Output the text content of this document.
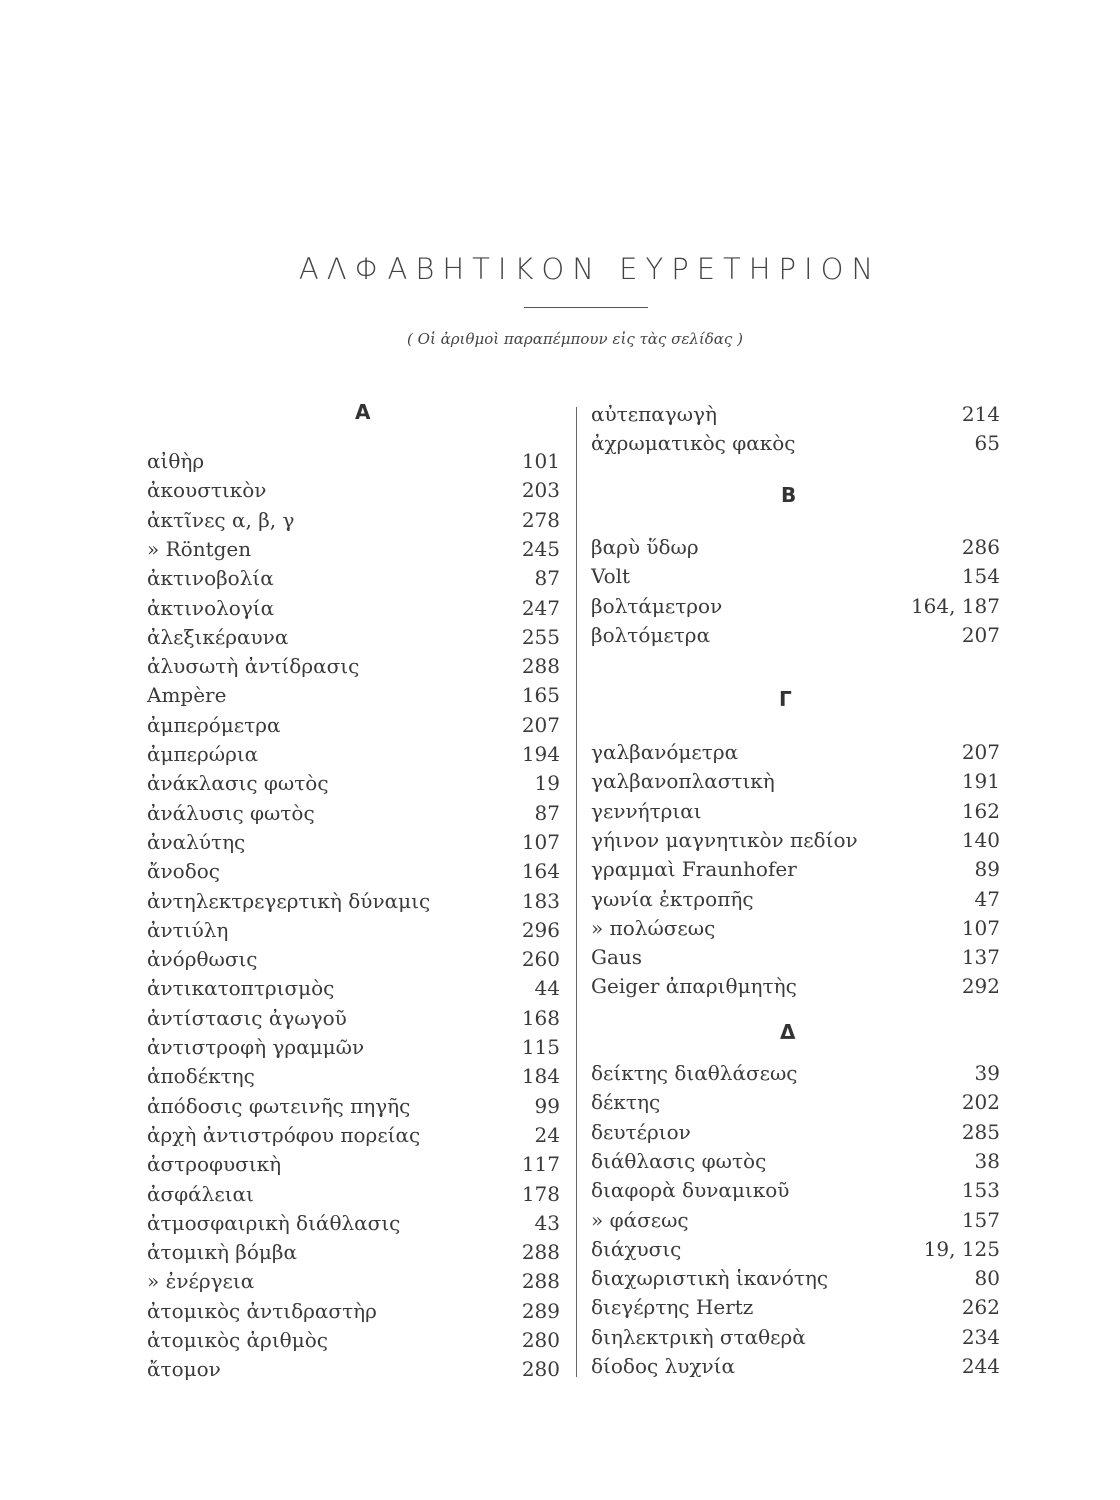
ΑΛΦΑΒΗΤΙΚΟΝ ΕΥΡΕΤΗΡΙΟΝ
( Οἱ ἀριθμοὶ παραπέμπουν εἰς τὰς σελίδας )
Α
αἰθὴρ	101
ἀκουστικὸν	203
ἀκτῖνες α, β, γ	278
» Röntgen	245
ἀκτινοβολία	87
ἀκτινολογία	247
ἀλεξικέραυνα	255
ἀλυσωτὴ ἀντίδρασις	288
Ampère	165
ἀμπερόμετρα	207
ἀμπερώρια	194
ἀνάκλασις φωτὸς	19
ἀνάλυσις φωτὸς	87
ἀναλύτης	107
ἄνοδος	164
ἀντηλεκτρεγερτικὴ δύναμις	183
ἀντιύλη	296
ἀνόρθωσις	260
ἀντικατοπτρισμὸς	44
ἀντίστασις ἀγωγοῦ	168
ἀντιστροφὴ γραμμῶν	115
ἀποδέκτης	184
ἀπόδοσις φωτεινῆς πηγῆς	99
ἀρχὴ ἀντιστρόφου πορείας	24
ἀστροφυσικὴ	117
ἀσφάλειαι	178
ἀτμοσφαιρικὴ διάθλασις	43
ἀτομικὴ βόμβα	288
» ἐνέργεια	288
ἀτομικὸς ἀντιδραστὴρ	289
ἀτομικὸς ἀριθμὸς	280
ἄτομον	280
αὐτεπαγωγὴ	214
ἀχρωματικὸς φακὸς	65
Β
βαρὺ ὕδωρ	286
Volt	154
βολτάμετρον	164, 187
βολτόμετρα	207
Γ
γαλβανόμετρα	207
γαλβανοπλαστικὴ	191
γεννήτριαι	162
γήινον μαγνητικὸν πεδίον	140
γραμμαὶ Fraunhofer	89
γωνία ἐκτροπῆς	47
» πολώσεως	107
Gaus	137
Geiger ἀπαριθμητὴς	292
Δ
δείκτης διαθλάσεως	39
δέκτης	202
δευτέριον	285
διάθλασις φωτὸς	38
διαφορὰ δυναμικοῦ	153
» φάσεως	157
διάχυσις	19, 125
διαχωριστικὴ ἱκανότης	80
διεγέρτης Hertz	262
διηλεκτρικὴ σταθερὰ	234
δίοδος λυχνία	244
